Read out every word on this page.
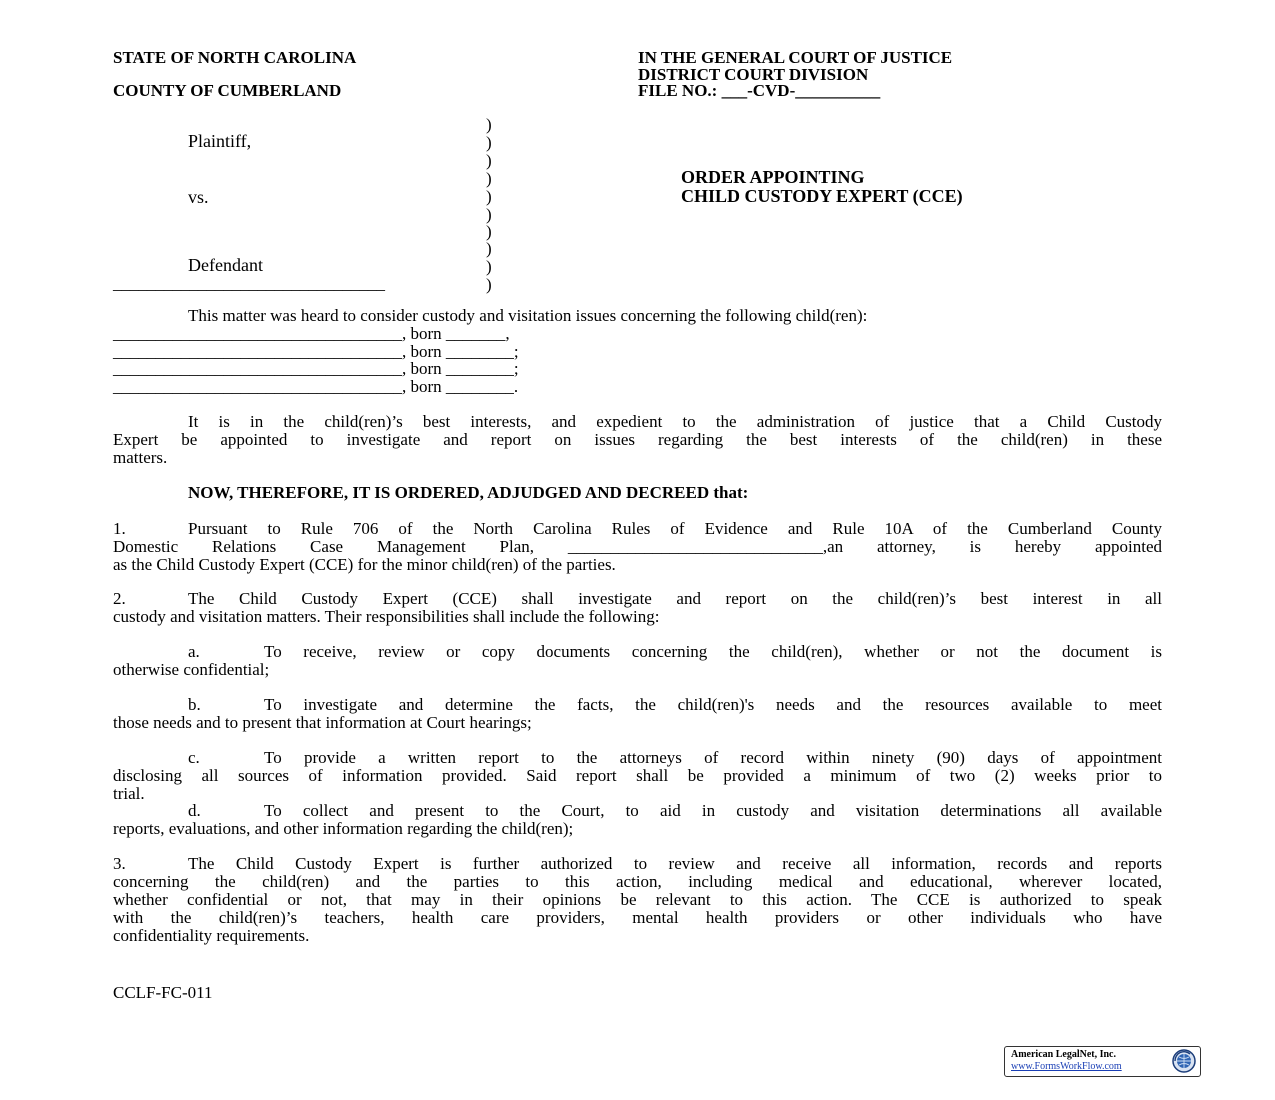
STATE OF NORTH CAROLINA
COUNTY OF CUMBERLAND
IN THE GENERAL COURT OF JUSTICE
DISTRICT COURT DIVISION
FILE NO.: ___-CVD-__________
)
)
)
)
)
)
)
)
)
)
Plaintiff,
vs.
Defendant
________________________________
ORDER APPOINTING
CHILD CUSTODY EXPERT (CCE)
This matter was heard to consider custody and visitation issues concerning the following child(ren):
__________________________________, born _______,
__________________________________, born ________;
__________________________________, born ________;
__________________________________, born ________.
It is in the child(ren)’s best interests, and expedient to the administration of justice that a Child Custody
Expert be appointed to investigate and report on issues regarding the best interests of the child(ren) in these
matters.
NOW, THEREFORE, IT IS ORDERED, ADJUDGED AND DECREED that:
1.	Pursuant to Rule 706 of the North Carolina Rules of Evidence and Rule 10A of the Cumberland County
Domestic Relations Case Management Plan, ______________________________,an attorney, is hereby appointed
as the Child Custody Expert (CCE) for the minor child(ren) of the parties.
2.	The Child Custody Expert (CCE) shall investigate and report on the child(ren)’s best interest in all
custody and visitation matters. Their responsibilities shall include the following:
a.	To receive, review or copy documents concerning the child(ren), whether or not the document is
otherwise confidential;
b.	To investigate and determine the facts, the child(ren)'s needs and the resources available to meet
those needs and to present that information at Court hearings;
c.	To provide a written report to the attorneys of record within ninety (90) days of appointment
disclosing all sources of information provided. Said report shall be provided a minimum of two (2) weeks prior to
trial.
d.	To collect and present to the Court, to aid in custody and visitation determinations all available
reports, evaluations, and other information regarding the child(ren);
3.	The Child Custody Expert is further authorized to review and receive all information, records and reports
concerning the child(ren) and the parties to this action, including medical and educational, wherever located,
whether confidential or not, that may in their opinions be relevant to this action. The CCE is authorized to speak
with the child(ren)’s teachers, health care providers, mental health providers or other individuals who have
confidentiality requirements.
CCLF-FC-011
American LegalNet, Inc.
www.FormsWorkFlow.com
